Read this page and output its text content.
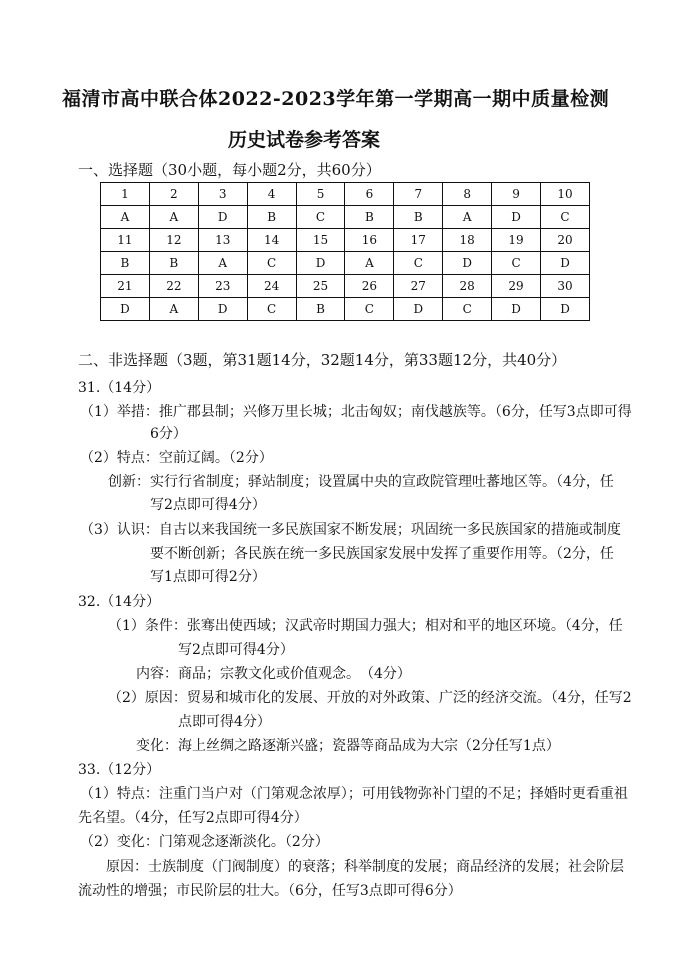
福清市高中联合体2022-2023学年第一学期高一期中质量检测
历史试卷参考答案
一、选择题（30小题，每小题2分，共60分）
1	2	3	4	5	6	7	8	9	10
A	A	D	B	C	B	B	A	D	C
11	12	13	14	15	16	17	18	19	20
B	B	A	C	D	A	C	D	C	D
21	22	23	24	25	26	27	28	29	30
D	A	D	C	B	C	D	C	D	D
二、非选择题（3题，第31题14分，32题14分，第33题12分，共40分）
31.（14分）
（1）举措：推广郡县制；兴修万里长城；北击匈奴；南伐越族等。（6分，任写3点即可得
6分）
（2）特点：空前辽阔。（2分）
创新：实行行省制度；驿站制度；设置属中央的宣政院管理吐蕃地区等。（4分，任
写2点即可得4分）
（3）认识：自古以来我国统一多民族国家不断发展；巩固统一多民族国家的措施或制度
要不断创新；各民族在统一多民族国家发展中发挥了重要作用等。（2分，任
写1点即可得2分）
32.（14分）
（1）条件：张骞出使西域；汉武帝时期国力强大；相对和平的地区环境。（4分，任
写2点即可得4分）
内容：商品；宗教文化或价值观念。　（4分）
（2）原因：贸易和城市化的发展、开放的对外政策、广泛的经济交流。（4分，任写2
点即可得4分）
变化：海上丝绸之路逐渐兴盛；瓷器等商品成为大宗（2分任写1点）
33.（12分）
（1）特点：注重门当户对（门第观念浓厚）；可用钱物弥补门望的不足；择婚时更看重祖
先名望。（4分，任写2点即可得4分）
（2）变化：门第观念逐渐淡化。（2分）
原因：士族制度（门阀制度）的衰落；科举制度的发展；商品经济的发展；社会阶层
流动性的增强；市民阶层的壮大。（6分，任写3点即可得6分）
